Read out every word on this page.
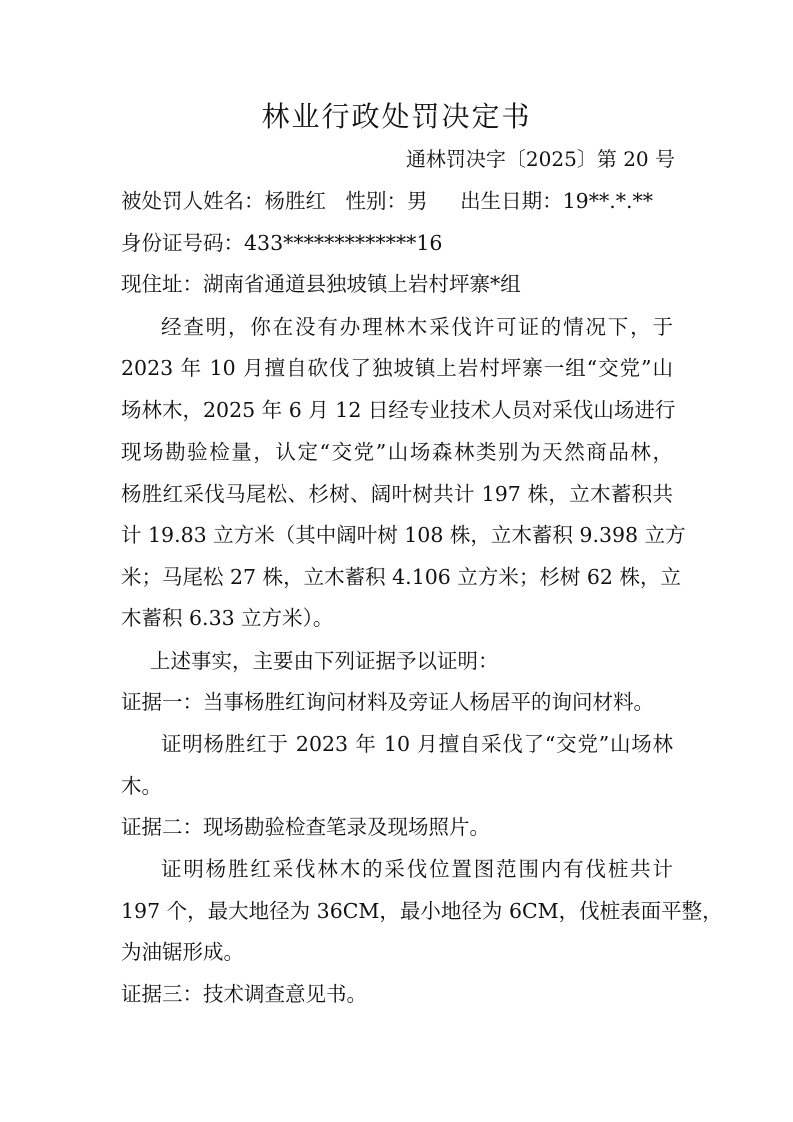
林业行政处罚决定书
通林罚决字〔2025〕第 20 号
被处罚人姓名：杨胜红   性别：男     出生日期：19**.*.**
身份证号码：433*************16
现住址：湖南省通道县独坡镇上岩村坪寨*组
经查明，你在没有办理林木采伐许可证的情况下，于
2023 年 10 月擅自砍伐了独坡镇上岩村坪寨一组“交党”山
场林木，2025 年 6 月 12 日经专业技术人员对采伐山场进行
现场勘验检量，认定“交党”山场森林类别为天然商品林，
杨胜红采伐马尾松、杉树、阔叶树共计 197 株，立木蓄积共
计 19.83 立方米（其中阔叶树 108 株，立木蓄积 9.398 立方
米；马尾松 27 株，立木蓄积 4.106 立方米；杉树 62 株，立
木蓄积 6.33 立方米）。
上述事实，主要由下列证据予以证明：
证据一：当事杨胜红询问材料及旁证人杨居平的询问材料。
证明杨胜红于 2023 年 10 月擅自采伐了“交党”山场林
木。
证据二：现场勘验检查笔录及现场照片。
证明杨胜红采伐林木的采伐位置图范围内有伐桩共计
197 个，最大地径为 36CM，最小地径为 6CM，伐桩表面平整，
为油锯形成。
证据三：技术调查意见书。
